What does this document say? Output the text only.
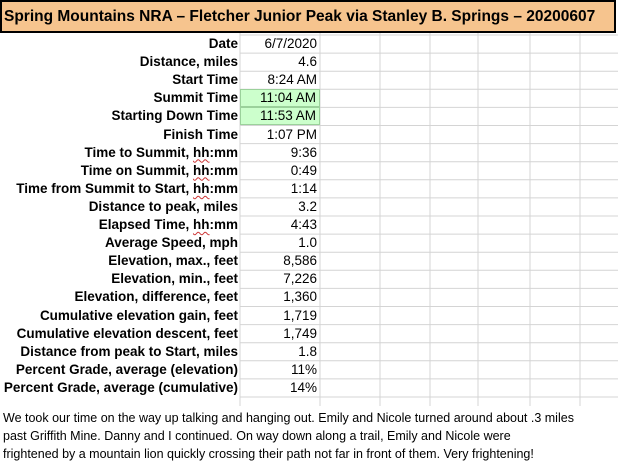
Spring Mountains NRA – Fletcher Junior Peak via Stanley B. Springs – 20200607
Date	6/7/2020
Distance, miles	4.6
Start Time	8:24 AM
Summit Time	11:04 AM
Starting Down Time	11:53 AM
Finish Time	1:07 PM
Time to Summit, hh:mm	9:36
Time on Summit, hh:mm	0:49
Time from Summit to Start, hh:mm	1:14
Distance to peak, miles	3.2
Elapsed Time, hh:mm	4:43
Average Speed, mph	1.0
Elevation, max., feet	8,586
Elevation, min., feet	7,226
Elevation, difference, feet	1,360
Cumulative elevation gain, feet	1,719
Cumulative elevation descent, feet	1,749
Distance from peak to Start, miles	1.8
Percent Grade, average (elevation)	11%
Percent Grade, average (cumulative)	14%
We took our time on the way up talking and hanging out. Emily and Nicole turned around about .3 miles
past Griffith Mine. Danny and I continued. On way down along a trail, Emily and Nicole were
frightened by a mountain lion quickly crossing their path not far in front of them. Very frightening!
